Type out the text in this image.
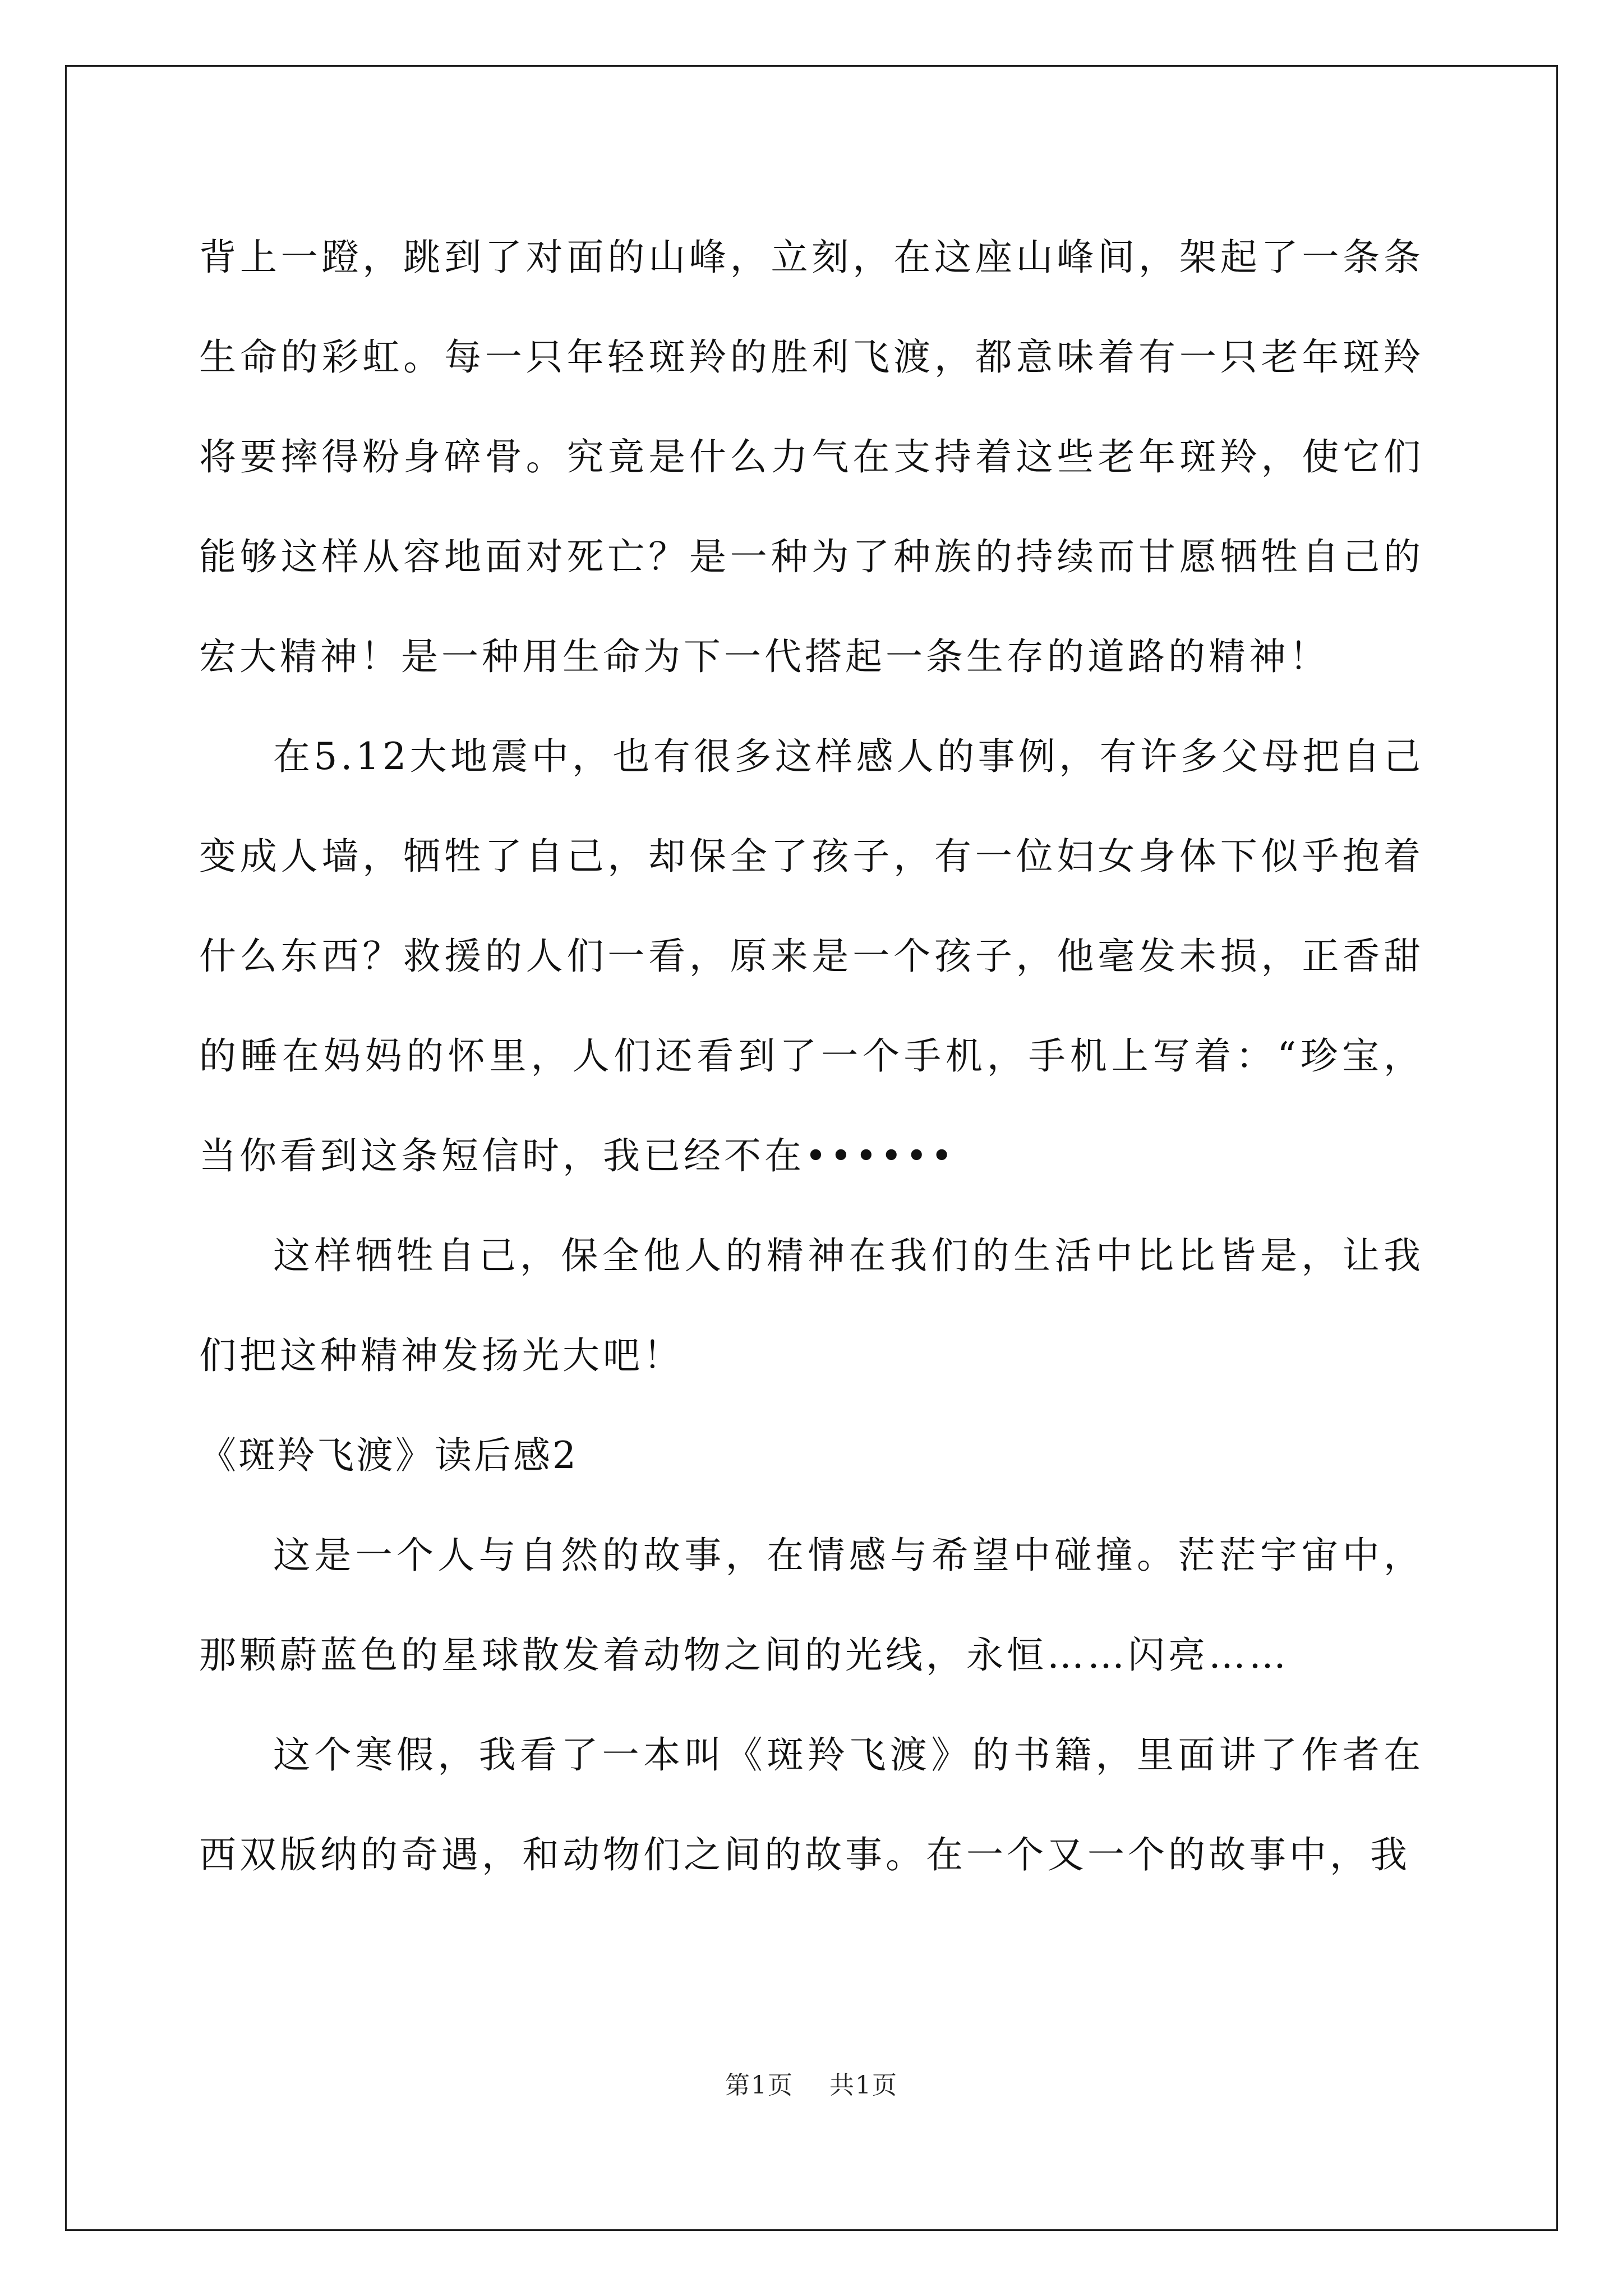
背上一蹬，跳到了对面的山峰，立刻，在这座山峰间，架起了一条条生命的彩虹。每一只年轻斑羚的胜利飞渡，都意味着有一只老年斑羚将要摔得粉身碎骨。究竟是什么力气在支持着这些老年斑羚，使它们能够这样从容地面对死亡？是一种为了种族的持续而甘愿牺牲自己的宏大精神！是一种用生命为下一代搭起一条生存的道路的精神！

在5.12大地震中，也有很多这样感人的事例，有许多父母把自己变成人墙，牺牲了自己，却保全了孩子，有一位妇女身体下似乎抱着什么东西？救援的人们一看，原来是一个孩子，他毫发未损，正香甜的睡在妈妈的怀里，人们还看到了一个手机，手机上写着：“珍宝，当你看到这条短信时，我已经不在••••••

这样牺牲自己，保全他人的精神在我们的生活中比比皆是，让我们把这种精神发扬光大吧！

《斑羚飞渡》读后感2

这是一个人与自然的故事，在情感与希望中碰撞。茫茫宇宙中，那颗蔚蓝色的星球散发着动物之间的光线，永恒……闪亮……

这个寒假，我看了一本叫《斑羚飞渡》的书籍，里面讲了作者在西双版纳的奇遇，和动物们之间的故事。在一个又一个的故事中，我

第1页 共1页
